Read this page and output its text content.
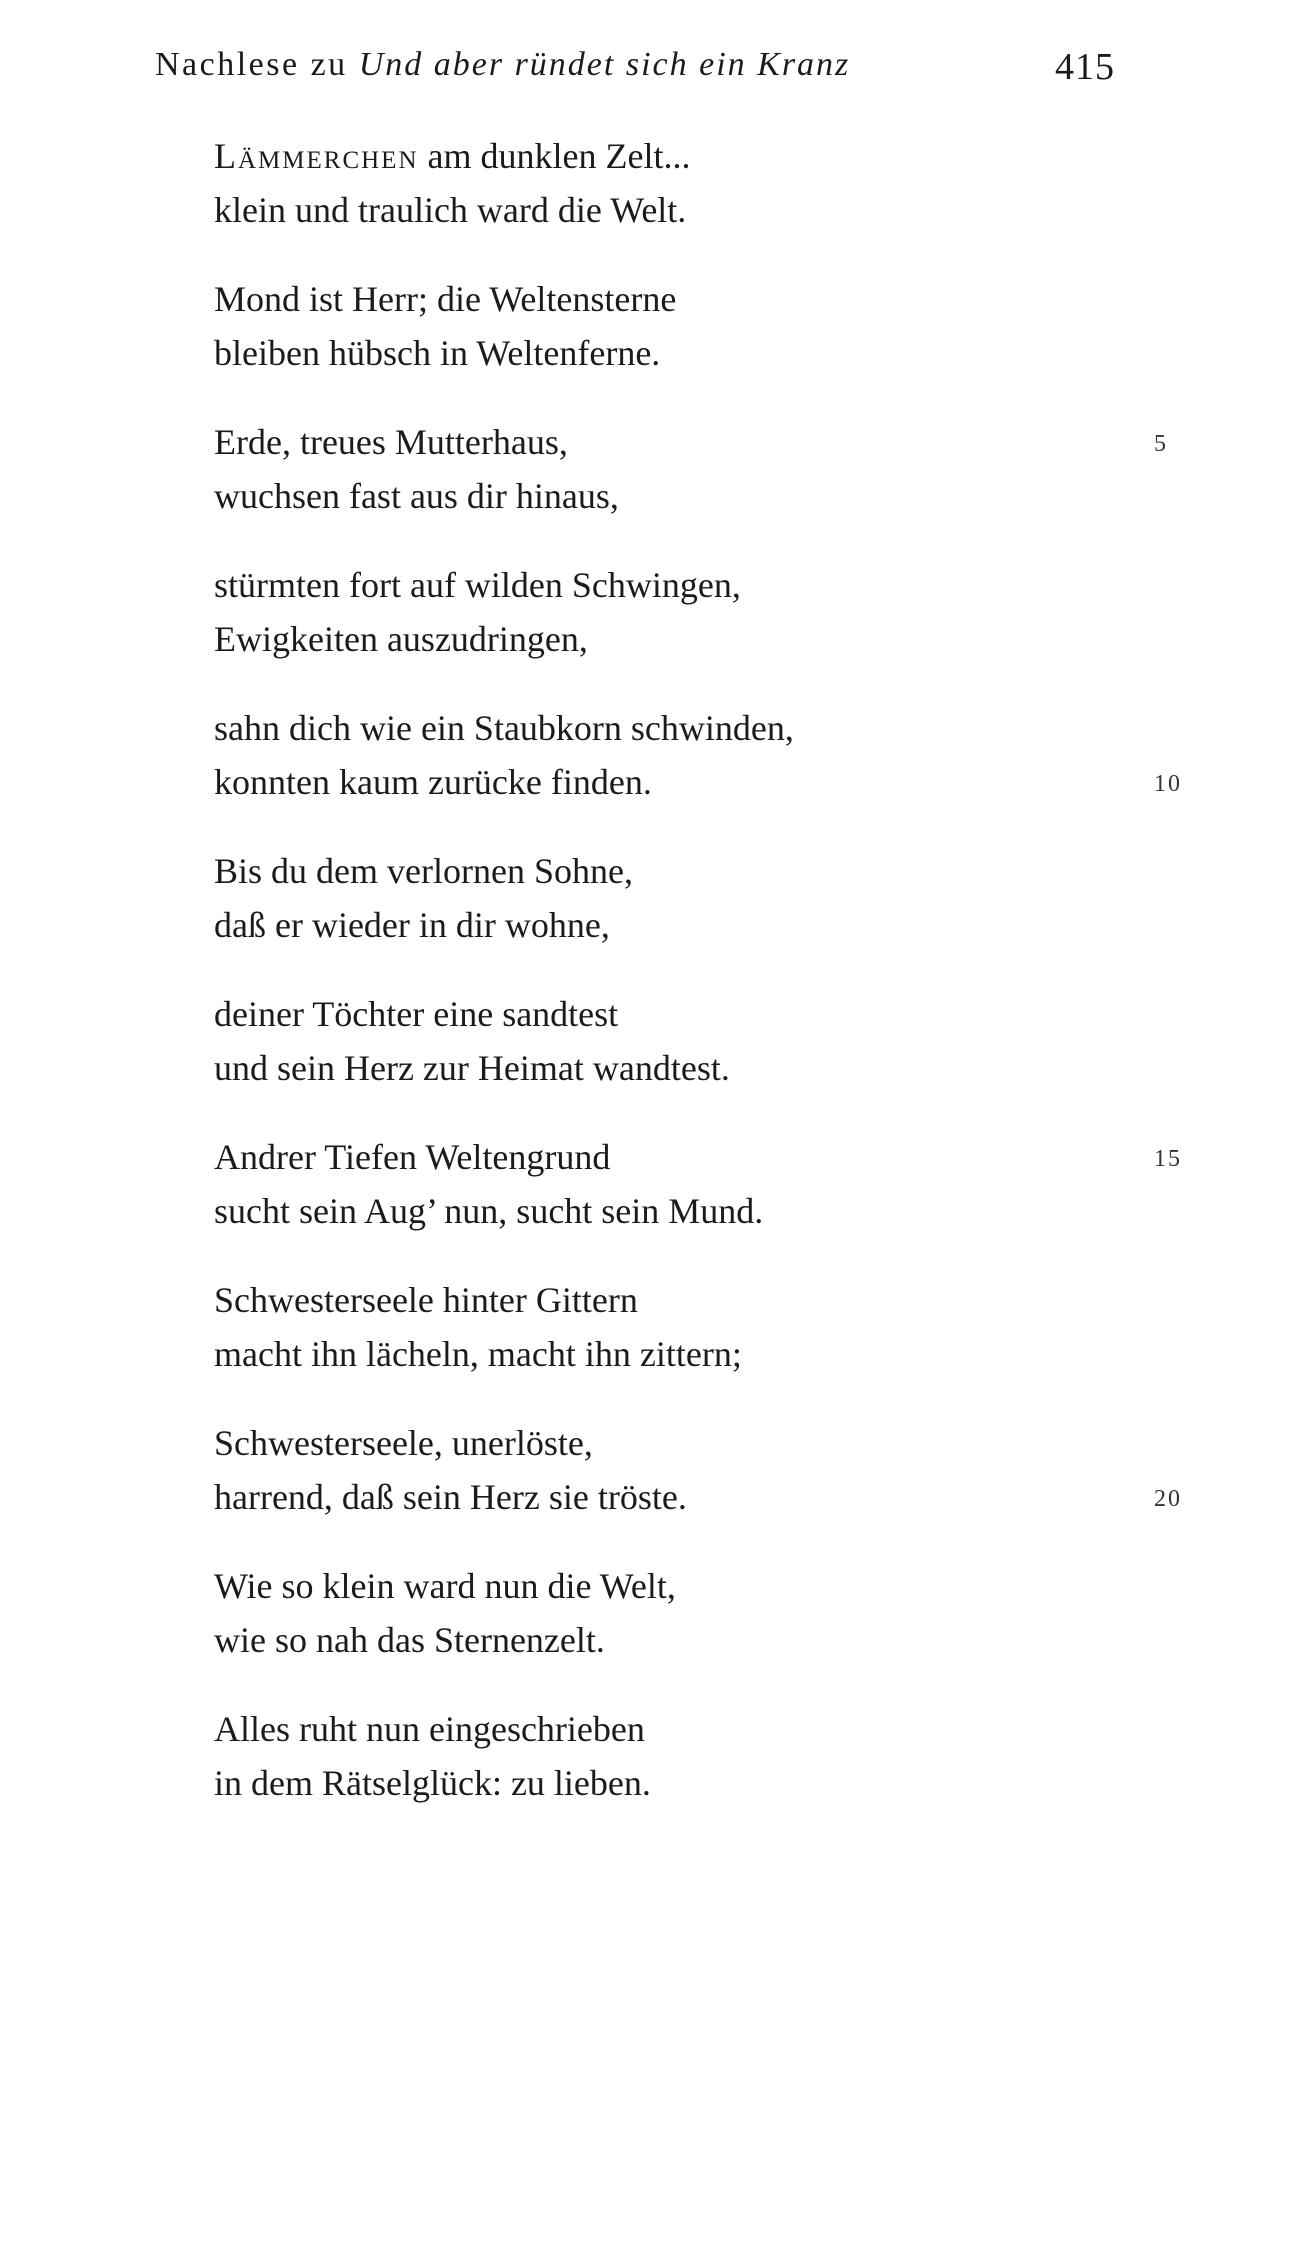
Nachlese zu Und aber ründet sich ein Kranz	415
Lämmerchen am dunklen Zelt...
klein und traulich ward die Welt.
Mond ist Herr; die Weltensterne
bleiben hübsch in Weltenferne.
Erde, treues Mutterhaus,	5
wuchsen fast aus dir hinaus,
stürmten fort auf wilden Schwingen,
Ewigkeiten auszudringen,
sahn dich wie ein Staubkorn schwinden,
konnten kaum zurücke finden.	10
Bis du dem verlornen Sohne,
daß er wieder in dir wohne,
deiner Töchter eine sandtest
und sein Herz zur Heimat wandtest.
Andrer Tiefen Weltengrund	15
sucht sein Aug’ nun, sucht sein Mund.
Schwesterseele hinter Gittern
macht ihn lächeln, macht ihn zittern;
Schwesterseele, unerlöste,
harrend, daß sein Herz sie tröste.	20
Wie so klein ward nun die Welt,
wie so nah das Sternenzelt.
Alles ruht nun eingeschrieben
in dem Rätselglück: zu lieben.
